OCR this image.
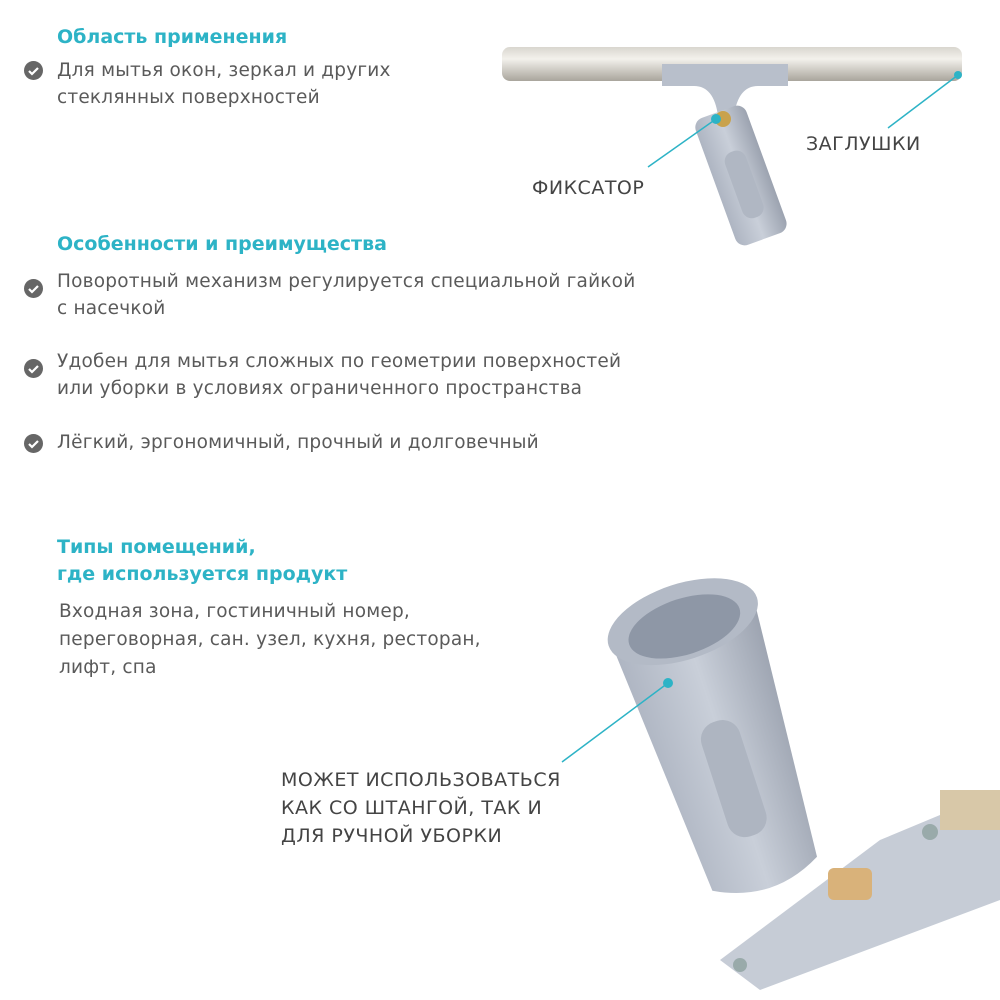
Область применения
Для мытья окон, зеркал и других
стеклянных поверхностей
Особенности и преимущества
Поворотный механизм регулируется специальной гайкой
с насечкой
Удобен для мытья сложных по геометрии поверхностей
или уборки в условиях ограниченного пространства
Лёгкий, эргономичный, прочный и долговечный
Типы помещений,
где используется продукт
Входная зона, гостиничный номер,
переговорная, сан. узел, кухня, ресторан,
лифт, спа
ЗАГЛУШКИ
ФИКСАТОР
МОЖЕТ ИСПОЛЬЗОВАТЬСЯ
КАК СО ШТАНГОЙ, ТАК И
ДЛЯ РУЧНОЙ УБОРКИ
